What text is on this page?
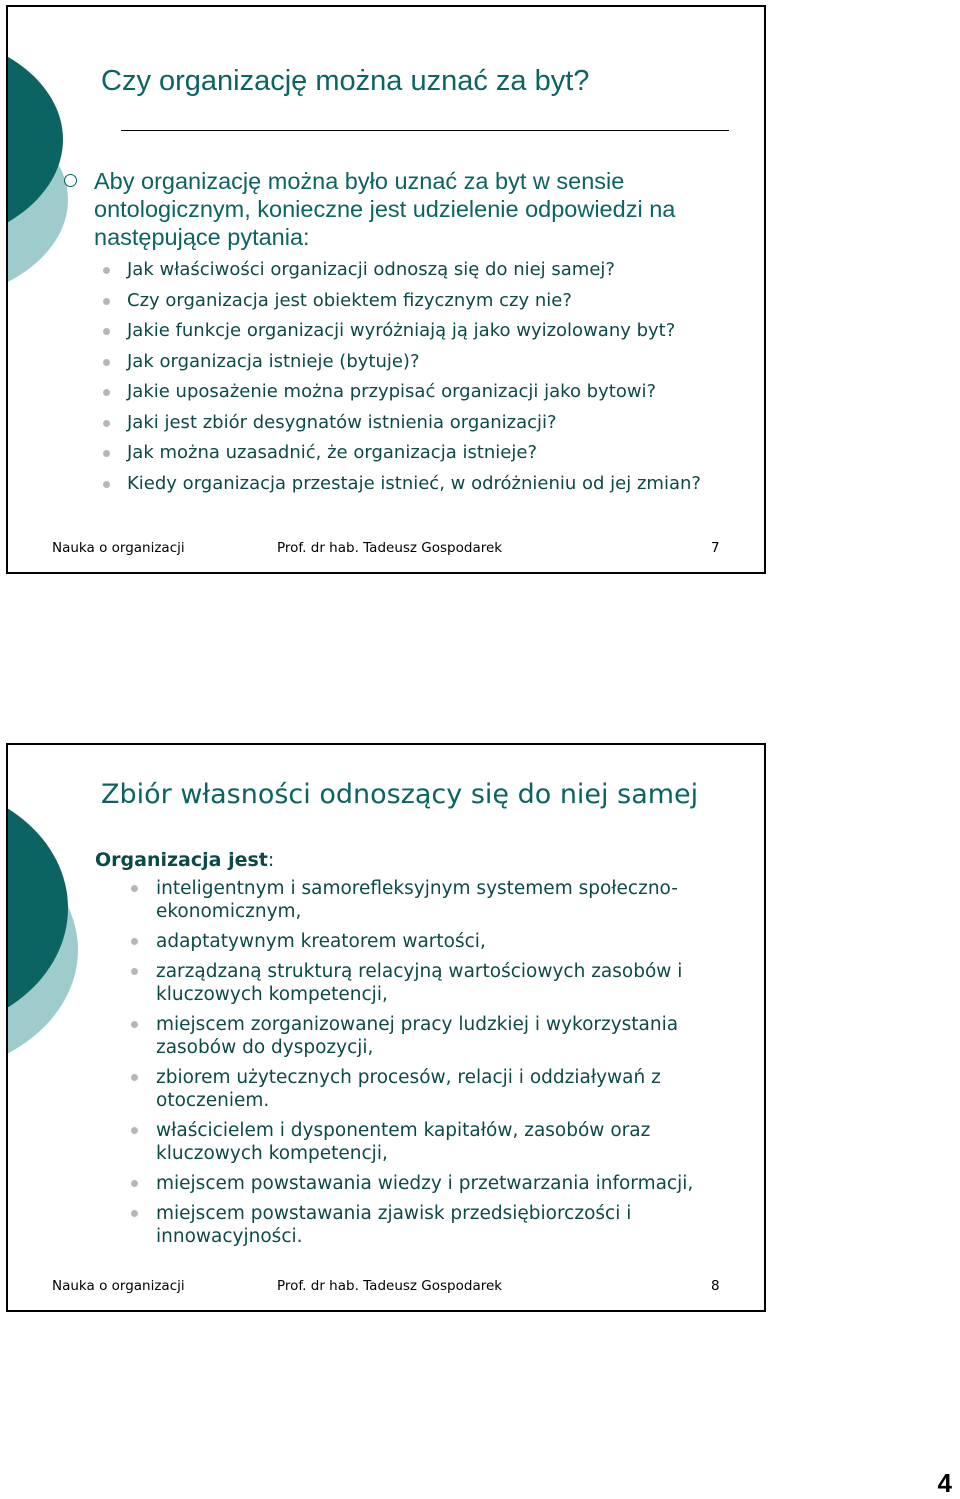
Czy organizację można uznać za byt?
Aby organizację można było uznać za byt w sensie ontologicznym, konieczne jest udzielenie odpowiedzi na następujące pytania:
Jak właściwości organizacji odnoszą się do niej samej?
Czy organizacja jest obiektem fizycznym czy nie?
Jakie funkcje organizacji wyróżniają ją jako wyizolowany byt?
Jak organizacja istnieje (bytuje)?
Jakie uposażenie można przypisać organizacji jako bytowi?
Jaki jest zbiór desygnatów istnienia organizacji?
Jak można uzasadnić, że organizacja istnieje?
Kiedy organizacja przestaje istnieć, w odróżnieniu od jej zmian?
Nauka o organizacji	Prof. dr hab. Tadeusz Gospodarek	7
Zbiór własności odnoszący się do niej samej
Organizacja jest:
inteligentnym i samorefleksyjnym systemem społeczno-ekonomicznym,
adaptatywnym kreatorem wartości,
zarządzaną strukturą relacyjną wartościowych zasobów i kluczowych kompetencji,
miejscem zorganizowanej pracy ludzkiej i wykorzystania zasobów do dyspozycji,
zbiorem użytecznych procesów, relacji i oddziaływań z otoczeniem.
właścicielem i dysponentem kapitałów, zasobów oraz kluczowych kompetencji,
miejscem powstawania wiedzy i przetwarzania informacji,
miejscem powstawania zjawisk przedsiębiorczości i innowacyjności.
Nauka o organizacji	Prof. dr hab. Tadeusz Gospodarek	8
4
